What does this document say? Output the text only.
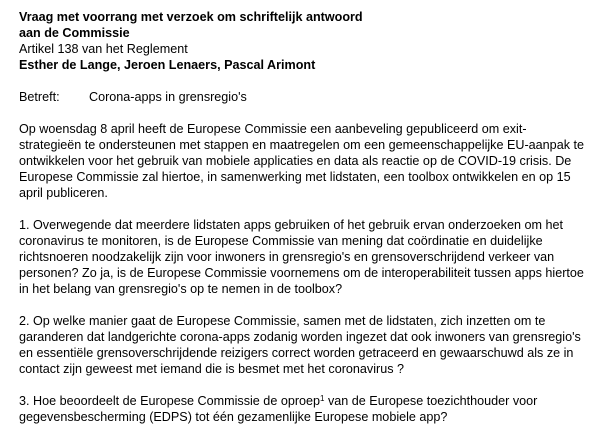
Vraag met voorrang met verzoek om schriftelijk antwoord
aan de Commissie
Artikel 138 van het Reglement
Esther de Lange, Jeroen Lenaers, Pascal Arimont
Betreft: Corona-apps in grensregio's

Op woensdag 8 april heeft de Europese Commissie een aanbeveling gepubliceerd om exit-
strategieën te ondersteunen met stappen en maatregelen om een gemeenschappelijke EU-aanpak te
ontwikkelen voor het gebruik van mobiele applicaties en data als reactie op de COVID-19 crisis. De
Europese Commissie zal hiertoe, in samenwerking met lidstaten, een toolbox ontwikkelen en op 15
april publiceren.

1. Overwegende dat meerdere lidstaten apps gebruiken of het gebruik ervan onderzoeken om het
coronavirus te monitoren, is de Europese Commissie van mening dat coördinatie en duidelijke
richtsnoeren noodzakelijk zijn voor inwoners in grensregio's en grensoverschrijdend verkeer van
personen? Zo ja, is de Europese Commissie voornemens om de interoperabiliteit tussen apps hiertoe
in het belang van grensregio's op te nemen in de toolbox?

2. Op welke manier gaat de Europese Commissie, samen met de lidstaten, zich inzetten om te
garanderen dat landgerichte corona-apps zodanig worden ingezet dat ook inwoners van grensregio's
en essentiële grensoverschrijdende reizigers correct worden getraceerd en gewaarschuwd als ze in
contact zijn geweest met iemand die is besmet met het coronavirus ?

3. Hoe beoordeelt de Europese Commissie de oproep$^1$ van de Europese toezichthouder voor
gegevensbescherming (EDPS) tot één gezamenlijke Europese mobiele app?
